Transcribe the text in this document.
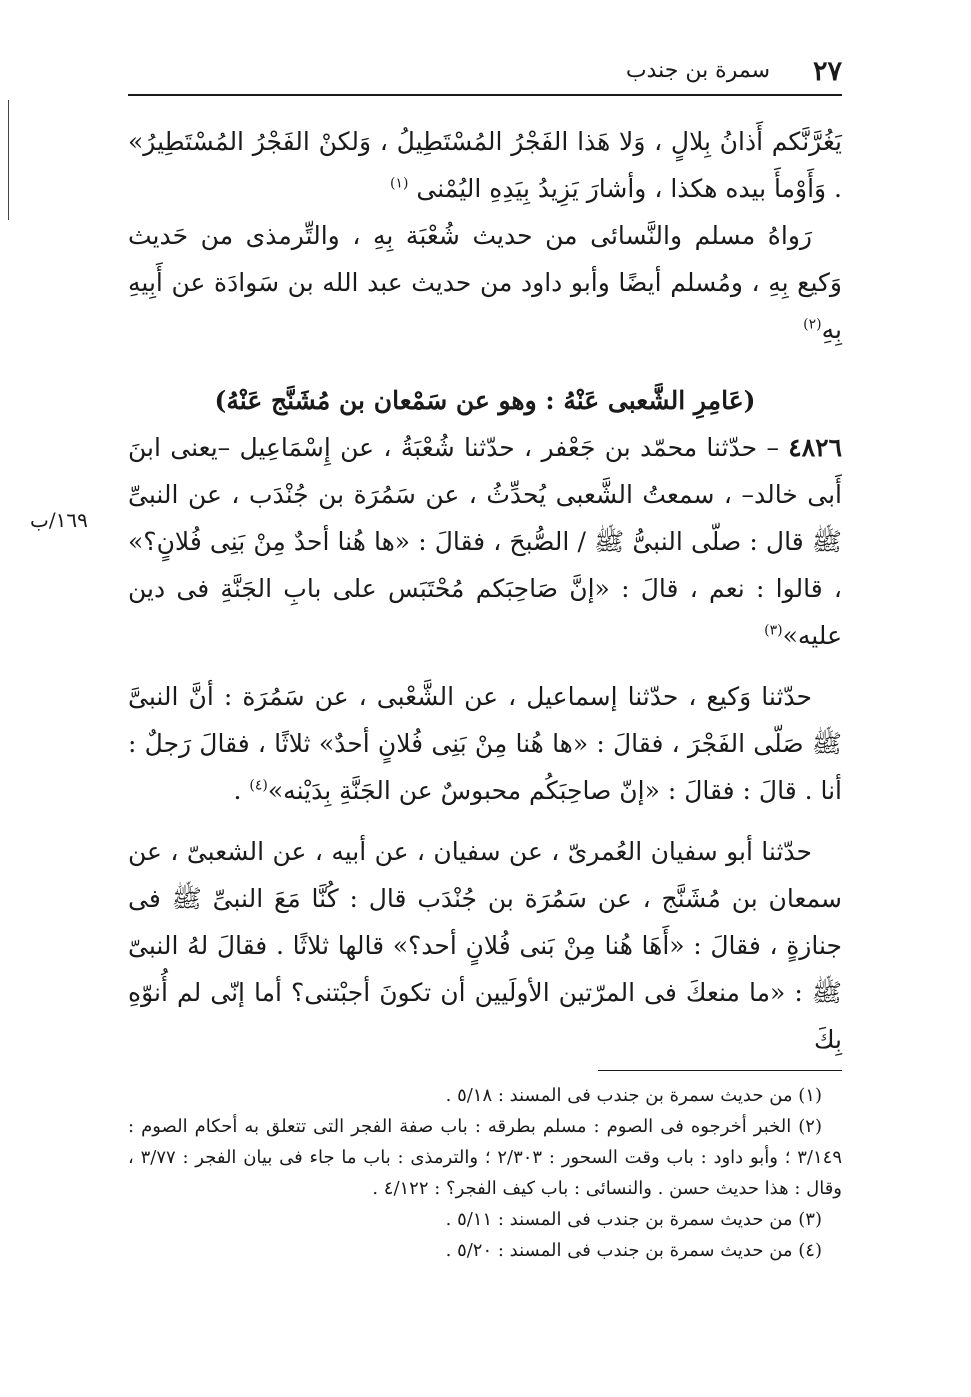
٢٧
سمرة بن جندب
١٦٩/ب

يَغُرَّنَّكم أَذانُ بِلالٍ ، وَلا هَذا الفَجْرُ المُسْتَطِيلُ ، وَلكنْ الفَجْرُ المُسْتَطِيرُ» . وَأَوْمأَ بيده هكذا ، وأشارَ يَزِيدُ بِيَدِهِ اليُمْنى $^{(١)}$

رَواهُ مسلم والنَّسائى من حديث شُعْبَة بِهِ ، والتِّرمذى من حَديث وَكيع بِهِ ، ومُسلم أيضًا وأبو داود من حديث عبد الله بن سَوادَة عن أَبِيهِ بِهِ$^{(٢)}$

(عَامِرِ الشَّعبى عَنْهُ : وهو عن سَمْعان بن مُشَنَّج عَنْهُ)

٤٨٢٦ – حدّثنا محمّد بن جَعْفر ، حدّثنا شُعْبَةُ ، عن إِسْمَاعِيل –يعنى ابنَ أَبى خالد– ، سمعتُ الشَّعبى يُحدِّثُ ، عن سَمُرَة بن جُنْدَب ، عن النبىِّ ﷺ قال : صلّى النبىُّ ﷺ / الصُّبحَ ، فقالَ : «ها هُنا أحدٌ مِنْ بَنِى فُلانٍ؟» ، قالوا : نعم ، قالَ : «إنَّ صَاحِبَكم مُحْتَبَس على بابِ الجَنَّةِ فى دين عليه»$^{(٣)}$

حدّثنا وَكيع ، حدّثنا إسماعيل ، عن الشَّعْبى ، عن سَمُرَة : أنَّ النبىَّ ﷺ صَلّى الفَجْرَ ، فقالَ : «ها هُنا مِنْ بَنِى فُلانٍ أحدٌ» ثلاثًا ، فقالَ رَجلٌ : أنا . قالَ : فقالَ : «إنّ صاحِبَكُم محبوسٌ عن الجَنَّةِ بِدَيْنه»$^{(٤)}$ .

حدّثنا أبو سفيان العُمرىّ ، عن سفيان ، عن أبيه ، عن الشعبىّ ، عن سمعان بن مُشَنَّج ، عن سَمُرَة بن جُنْدَب قال : كُنَّا مَعَ النبىِّ ﷺ فى جنازةٍ ، فقالَ : «أَهَا هُنا مِنْ بَنى فُلانٍ أحد؟» قالها ثلاثًا . فقالَ لهُ النبىّ ﷺ : «ما منعكَ فى المرّتين الأولَيين أن تكونَ أجبْتنى؟ أما إنّى لم أُنوّهِ بِكَ

(١) من حديث سمرة بن جندب فى المسند : ٥/١٨ .

(٢) الخبر أخرجوه فى الصوم : مسلم بطرقه : باب صفة الفجر التى تتعلق به أحكام الصوم : ٣/١٤٩ ؛ وأبو داود : باب وقت السحور : ٢/٣٠٣ ؛ والترمذى : باب ما جاء فى بيان الفجر : ٣/٧٧ ، وقال : هذا حديث حسن . والنسائى : باب كيف الفجر؟ : ٤/١٢٢ .

(٣) من حديث سمرة بن جندب فى المسند : ٥/١١ .

(٤) من حديث سمرة بن جندب فى المسند : ٥/٢٠ .
